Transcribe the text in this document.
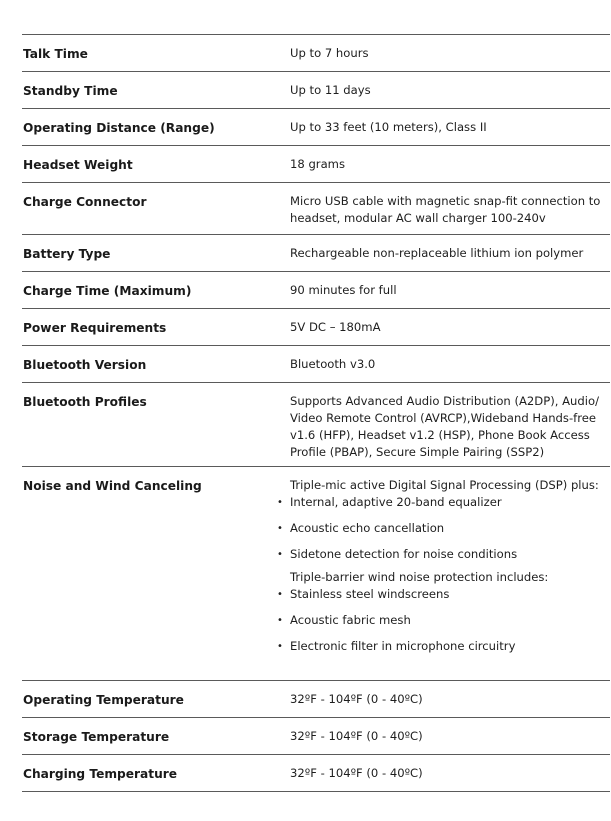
Talk Time	Up to 7 hours
Standby Time	Up to 11 days
Operating Distance (Range)	Up to 33 feet (10 meters), Class II
Headset Weight	18 grams
Charge Connector	Micro USB cable with magnetic snap-fit connection to headset, modular AC wall charger 100-240v
Battery Type	Rechargeable non-replaceable lithium ion polymer
Charge Time (Maximum)	90 minutes for full
Power Requirements	5V DC – 180mA
Bluetooth Version	Bluetooth v3.0
Bluetooth Profiles	Supports Advanced Audio Distribution (A2DP), Audio/ Video Remote Control (AVRCP),Wideband Hands-free v1.6 (HFP), Headset v1.2 (HSP), Phone Book Access Profile (PBAP), Secure Simple Pairing (SSP2)
Noise and Wind Canceling	Triple-mic active Digital Signal Processing (DSP) plus:

• Internal, adaptive 20-band equalizer
• Acoustic echo cancellation
• Sidetone detection for noise conditions

Triple-barrier wind noise protection includes:

• Stainless steel windscreens
• Acoustic fabric mesh
• Electronic filter in microphone circuitry
Operating Temperature	32ºF - 104ºF (0 - 40ºC)
Storage Temperature	32ºF - 104ºF (0 - 40ºC)
Charging Temperature	32ºF - 104ºF (0 - 40ºC)
